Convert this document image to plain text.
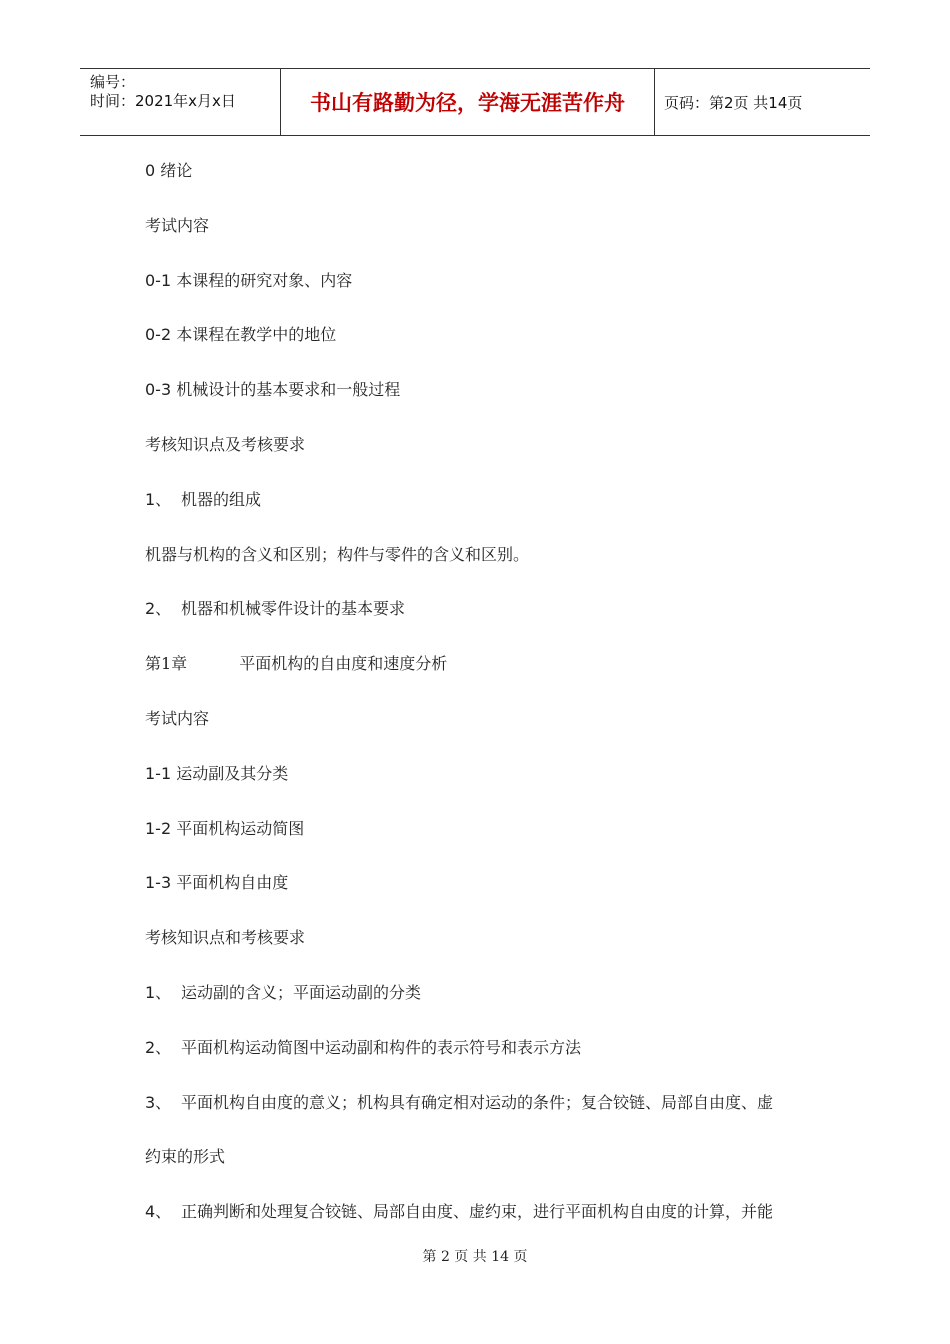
编号：
时间：2021年x月x日	书山有路勤为径，学海无涯苦作舟	页码：第2页 共14页
0 绪论
考试内容
0-1 本课程的研究对象、内容
0-2 本课程在教学中的地位
0-3 机械设计的基本要求和一般过程
考核知识点及考核要求
1、 机器的组成
机器与机构的含义和区别；构件与零件的含义和区别。
2、 机器和机械零件设计的基本要求
第1章	平面机构的自由度和速度分析
考试内容
1-1 运动副及其分类
1-2 平面机构运动简图
1-3 平面机构自由度
考核知识点和考核要求
1、 运动副的含义；平面运动副的分类
2、 平面机构运动简图中运动副和构件的表示符号和表示方法
3、 平面机构自由度的意义；机构具有确定相对运动的条件；复合铰链、局部自由度、虚
约束的形式
4、 正确判断和处理复合铰链、局部自由度、虚约束，进行平面机构自由度的计算，并能
第 2 页 共 14 页
